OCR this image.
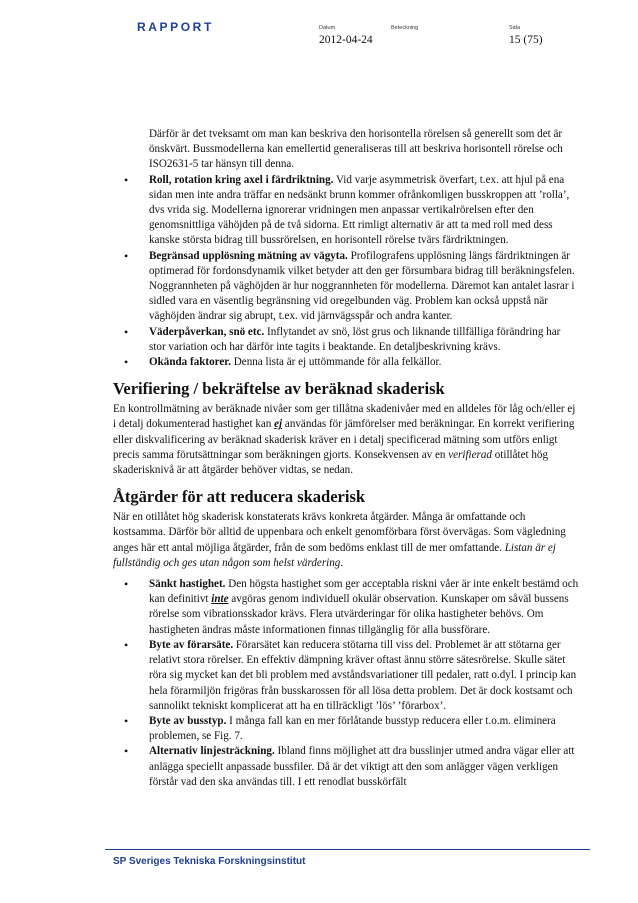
RAPPORT	Datum
2012-04-24
Beteckning	Sida
15 (75)
Därför är det tveksamt om man kan beskriva den horisontella rörelsen så generellt som det är önskvärt. Bussmodellerna kan emellertid generaliseras till att beskriva horisontell rörelse och ISO2631-5 tar hänsyn till denna.
• Roll, rotation kring axel i färdriktning. Vid varje asymmetrisk överfart, t.ex. att hjul på ena sidan men inte andra träffar en nedsänkt brunn kommer ofrånkomligen busskroppen att ’rolla’, dvs vrida sig. Modellerna ignorerar vridningen men anpassar vertikalrörelsen efter den genomsnittliga vähöjden på de två sidorna. Ett rimligt alternativ är att ta med roll med dess kanske största bidrag till bussrörelsen, en horisontell rörelse tvärs färdriktningen.
• Begränsad upplösning mätning av vägyta. Profilografens upplösning längs färdriktningen är optimerad för fordonsdynamik vilket betyder att den ger försumbara bidrag till beräkningsfelen. Noggrannheten på väghöjden är hur noggrannheten för modellerna. Däremot kan antalet lasrar i sidled vara en väsentlig begränsning vid oregelbunden väg. Problem kan också uppstå när väghöjden ändrar sig abrupt, t.ex. vid järnvägsspår och andra kanter.
• Väderpåverkan, snö etc. Inflytandet av snö, löst grus och liknande tillfälliga förändring har stor variation och har därför inte tagits i beaktande. En detaljbeskrivning krävs.
• Okända faktorer. Denna lista är ej uttömmande för alla felkällor.
Verifiering / bekräftelse av beräknad skaderisk
En kontrollmätning av beräknade nivåer som ger tillåtna skadenivåer med en alldeles för låg och/eller ej i detalj dokumenterad hastighet kan ej användas för jämförelser med beräkningar. En korrekt verifiering eller diskvalificering av beräknad skaderisk kräver en i detalj specificerad mätning som utförs enligt precis samma förutsättningar som beräkningen gjorts. Konsekvensen av en verifierad otillåtet hög skaderisknivå är att åtgärder behöver vidtas, se nedan.
Åtgärder för att reducera skaderisk
När en otillåtet hög skaderisk konstaterats krävs konkreta åtgärder. Många är omfattande och kostsamma. Därför bör alltid de uppenbara och enkelt genomförbara först övervägas. Som vägledning anges här ett antal möjliga åtgärder, från de som bedöms enklast till de mer omfattande. Listan är ej fullständig och ges utan någon som helst värdering.
• Sänkt hastighet. Den högsta hastighet som ger acceptabla riskni våer är inte enkelt bestämd och kan definitivt inte avgöras genom individuell okulär observation. Kunskaper om såväl bussens rörelse som vibrationsskador krävs. Flera utvärderingar för olika hastigheter behövs. Om hastigheten ändras måste informationen finnas tillgänglig för alla bussförare.
• Byte av förarsäte. Förarsätet kan reducera stötarna till viss del. Problemet är att stötarna ger relativt stora rörelser. En effektiv dämpning kräver oftast ännu större sätesrörelse. Skulle sätet röra sig mycket kan det bli problem med avståndsvariationer till pedaler, ratt o.dyl. I princip kan hela förarmiljön frigöras från busskarossen för all lösa detta problem. Det är dock kostsamt och sannolikt tekniskt komplicerat att ha en tillräckligt ’lös’ ’förarbox’.
• Byte av busstyp. I många fall kan en mer förlåtande busstyp reducera eller t.o.m. eliminera problemen, se Fig. 7.
• Alternativ linjesträckning. Ibland finns möjlighet att dra busslinjer utmed andra vägar eller att anlägga speciellt anpassade bussfiler. Då är det viktigt att den som anlägger vägen verkligen förstår vad den ska användas till. I ett renodlat busskörfält
SP Sveriges Tekniska Forskningsinstitut
